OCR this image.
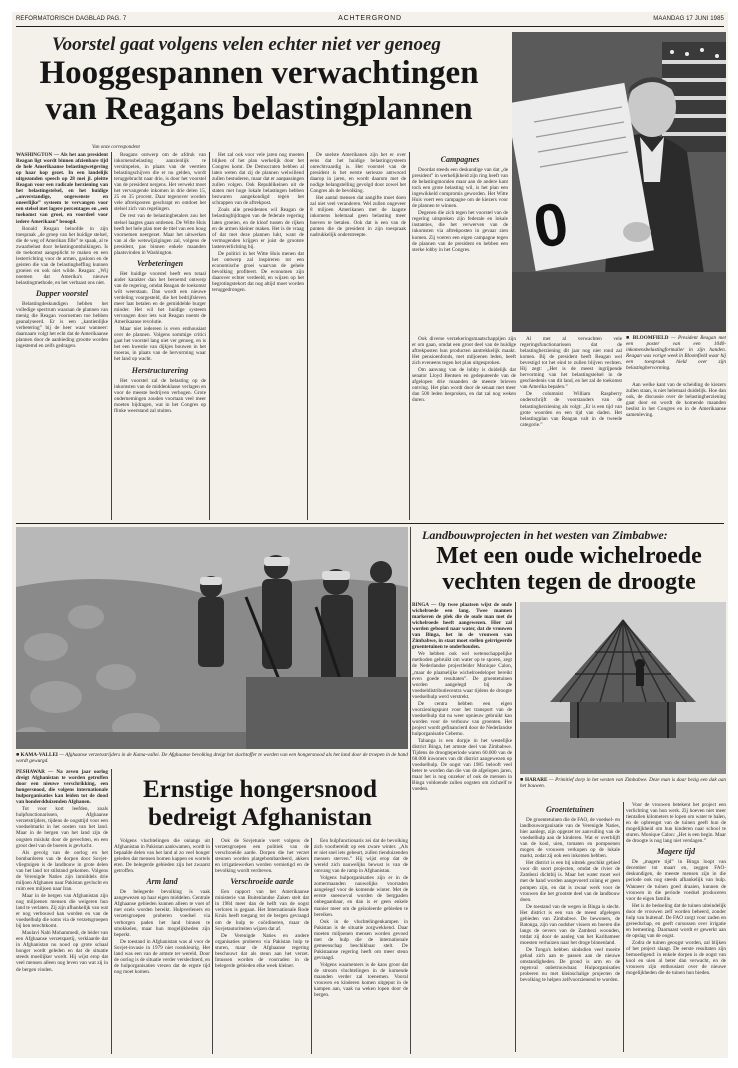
REFORMATORISCH DAGBLAD PAG. 7	ACHTERGROND	MAANDAG 17 JUNI 1985
Voorstel gaat volgens velen echter niet ver genoeg
Hooggespannen verwachtingen
van Reagans belastingplannen
Van onze correspondent
0
■ BLOOMFIELD — President Reagan met een poster van een 1040-inkomensbelastingformulier in zijn handen. Reagan was vorige week in Bloomfield waar hij een toespraak hield over zijn belastinghervorming.

WASHINGTON — Als het aan president Reagan ligt wordt binnen afzienbare tijd de hele Amerikaanse belastingwetgeving op haar kop gezet. In een landelijk uitgezonden speech op 28 mei jl. pleitte Reagan voor een radicale herziening van het belastingstelsel, en het huidige „onverstandige, ongewenste en oneerlijke” systeem te vervangen voor een stelsel met lagere percentages en „een toekomst van groei, en voordeel voor iedere Amerikaan” beoogd.

Ronald Reagan beloofde in zijn toespraak „de groep van het huidige stelsel, die de weg of Amerikan fille” te spaak, al te zwaarbelast door belastingontduikingen. Is de toekomst aangeplicht te maken en een lesterrichting voor de armen, gasloon en de geisten die van de belastingheffing kunnen groeien en ook niet wilde. Reagan: „Wij noemen dat Amerika's nieuwe belastingmethode, en het verbaast ons niet.

Dapper voorstel

Belastingdeskundigen hebben het volledige spectrum waaraan de plannen van menig die Reagan voornemen toe hebben geanalyseerd. Er is een „kantienlijke verbetering” bij de heer waar wanneer: daarnaam volgt het echt dat de Amerikaanse plannen door de aanbieding grootte worden ingestemd en zelfs gedragen.

Reagans ontwerp om de afdruk van inkomensbelasting aanzienlijk te versimpelen, in plaats van de veertien belastingschijven die er nu gelden, wordt teruggebracht naar drie, is door het voorstel van de president nergens. Het verwekt moet het vervangende inkomen in drie delen 15, 25 en 35 procent. Daar tegenover worden vele aftrekposten geschrapt en ontdoet het stelsel zich van regelingen.

De rest van de belastingbetalers zou het stelsel laagtes gaan ontlenen. De Witte Huis heeft het hele plan met de titel van een hoog voornemen neergezet. Maar het uitwerken van al die wetswijzigingen zal, volgens de president, pas binnen enkele maanden plaatsvinden in Washington.

Verbeteringen

Het huidige voorstel heeft een totaal ander karakter dan het beroemd ontwerp van de regering, omdat Reagan de toekomst wilt weerstaan. Dan wordt een nieuwe verdeling voorgesteld, die het bedrijfsleven meer laat betalen en de gemiddelde burger minder. Het wil het huidige systeem vervangen door iets wat Reagan noemt de Amerikaanse revolutie.

Maar niet iedereen is even enthousiast over de plannen. Volgens sommige critici gaat het voorstel lang niet ver genoeg, en is het een kwestie van dijkjes bouwen in het moeras, in plaats van de hervorming waar het land op wacht.

Herstructurering

Het voorstel zal de belasting op de inkomsten van de middenklasse verlagen en voor de meeste bedrijven verhogen. Grote ondernemingen zouden voortaan veel meer moeten bijdragen, wat in het Congres op flinke weerstand zal stuiten.

Het zal ook voor vele jaren nog moeten blijken of het plan werkelijk door het Congres komt. De Democraten hebben al laten weten dat zij de plannen welwillend zullen bestuderen, maar dat er aanpassingen zullen volgen. Ook Republikeinen uit de staten met hoge lokale belastingen hebben bezwaren aangekondigd tegen het schrappen van de aftrekpost.

Zoals alle presidenten wil Reagan de belastingbijdragen van de federale regering laten groeien, en de kloof tussen de rijken en de armen kleiner maken. Het is de vraag of dat met deze plannen lukt, want de vermogenden krijgen er juist de grootste lastenverlichting bij.

De politici in het Witte Huis menen dat het ontwerp zal inspireren tot een economische groei waarvan de gehele bevolking profiteert. De economen zijn daarover echter verdeeld, en wijzen op het begrotingstekort dat nog altijd moet worden teruggedrongen.

De snelste Amerikanen zijn het er over eens dat het huidige belastingsysteem onrechtvaardig is. Het voorstel van de president is het eerste serieuze antwoord daarop in jaren, en wordt daarom met de nodige belangstelling gevolgd door zowel het Congres als de bevolking.

Het aantal mensen dat aangifte moet doen zal niet veel veranderen. Wel zullen ongeveer 8 miljoen Amerikanen met de laagste inkomens helemaal geen belasting meer hoeven te betalen. Ook dat is een van de punten die de president in zijn toespraak nadrukkelijk onderstreepte.

Campagnes

Doordat steeds een deskundige van dat „de president” in werkelijkheid zijn ring heeft van de belastingmoralen maar aan de andere kant toch een grote belasting wil, is het plan een ingewikkeld compromis geworden. Het Witte Huis voert een campagne om de kiezers voor de plannen te winnen.

Degenen die zich tegen het voorstel van de regering uitspreken zijn federale en lokale instanties, die het verwerven van de inkomsten via aftrekposten in gevaar zien komen. Zij voeren een eigen campagne tegen de plannen van de president en hebben een sterke lobby in het Congres.

Ook diverse verzekeringsmaatschappijen zijn er om gaan, omdat een groot deel van de huidige aftrekposten hun producten aantrekkelijk maakt. Het pensioenfonds, met miljoenen leden, heeft zich eveneens tegen het plan uitgesproken.

Om aanvang van de lobby is duidelijk dat senator Lloyd Bentsen en gedeputeerde van de afgelopen drie maanden de meeste brieven ontving. Het plan wordt door de senaat met meer dan 500 leden besproken, en dat zal nog weken duren.

Al met al verwachten vele regeringsfunctionarissen dat de belastingherziening dit jaar nog niet rond zal komen. Bij de president heeft Reagan wel bevestigd tot het eind te zullen blijven vechten. Hij zegt: „Het is de meest ingrijpende hervorming van het belastingstelsel in de geschiedenis van dit land, en het zal de toekomst van Amerika bepalen.”

De columnist William Raspberry onderschrijft de voorstanders van de belastingherziening als volgt: „Er is een tijd van grote woorden en een tijd van daden. Het belastingplan van Reagan valt in de tweede categorie.”

Aan welke kant van de scheiding de kiezers zullen staan, is niet helemaal duidelijk. Hoe dan ook, de discussie over de belastingherziening gaat door en wordt de komende maanden beslist in het Congres en in de Amerikaanse samenleving.

■ KAMA-VALLEI — Afghaanse verzetsstrijders in de Kama-vallei. De Afghaanse bevolking dreigt het slachtoffer te worden van een hongersnood als het land door de troepen in de hand wordt gewurgd.
Landbouwprojecten in het westen van Zimbabwe:
Met een oude wichelroede
vechten tegen de droogte

BINGA — Op twee plaatsen wijst de oude wichelroede een lang. Twee mannen markeren de plek die de oude man met de wichelroede heeft aangewezen. Hier zal worden geboord naar water, dat de vrouwen van Binga, het in de vrouwen van Zimbabwe, in staat moet stellen geirrigeerde groentetuinen te onderhouden.

We hebben ook wel wetenschappelijke methoden gebruikt om water op te sporen, zegt de Nederlandse projectleider Monique Calon, „maar de plaatselijke wichelroedeloper bereikt even goede resultaten”. De groentetuinen worden aangelegd bij de voedseldistributiecentra waar tijdens de droogte voedselhulp werd verstrekt.

De centra hebben een eigen voorzieningspunt voor het transport van de voedselhulp dat nu weer opnieuw gebruikt kan worden voor de verbouw van groenten. Het project wordt gefinancierd door de Nederlandse hulporganisatie Cebemo.

Tabanga is een dorpje in het westelijke district Binga, het armste deel van Zimbabwe. Tijdens de droogteperiode waren 60.000 van de 68.000 inwoners van dit district aangewezen op voedselhulp. De oogst van 1985 belooft veel beter te worden dan die van de afgelopen jaren, maar het is nog onzeker of ook de mensen in Binga voldoende zullen oogsten om zichzelf te voeden.

■ HARARE — Primitief dorp in het westen van Zimbabwe. Deze man is daar bezig een dak aan het bouwen.
Groentetuinen

De groentetuinen die de FAO, de voedsel- en landbouworganisatie van de Verenigde Naties, hier aanlegt, zijn opgezet ter aanvulling van de voedselhulp aan de kinderen. Wat er overblijft van de kool, uien, tomaten en pompoenen mogen de vrouwen verkopen op de lokale markt, zodat zij ook een inkomen hebben.

Het district is een bij uitstek geschikt gebied voor dit soort projecten, omdat de rivier de Zambezi dichtbij is. Maar het water moet wel met de hand worden aangevoerd zolang er geen pompen zijn, en dat is zwaar werk voor de vrouwen die het grootste deel van de landbouw doen.

De toestand van de wegen in Binga is slecht. Het district is een van de meest afgelegen gebieden van Zimbabwe. De bewoners, de Batonga, zijn van oudsher vissers en boeren die langs de oevers van de Zambezi woonden, totdat zij door de aanleg van het Karibameer moesten verhuizen naar het droge binnenland.

De Tonga's hebben sindsdien veel moeite gehad zich aan te passen aan de nieuwe omstandigheden. De grond is arm en de regenval onbetrouwbaar. Hulporganisaties proberen nu met kleinschalige projecten de bevolking te helpen zelfvoorzienend te worden.

Voor de vrouwen betekent het project een verlichting van hun werk. Zij hoeven niet meer tientallen kilometers te lopen om water te halen, en de opbrengst van de tuinen geeft hun de mogelijkheid om hun kinderen naar school te sturen. Monique Calon: „Het is een begin. Maar de droogte is nog lang niet verslagen.”

Magere tijd

De „magere tijd” in Binga loopt van december tot maart en, zeggen FAO-deskundigen, de meeste mensen zijn in die periode ook nog steeds afhankelijk van hulp. Wanneer de tuinen goed draaien, kunnen de vrouwen in die periode voedsel produceren voor de eigen familie.

Het is de bedoeling dat de tuinen uiteindelijk door de vrouwen zelf worden beheerd, zonder hulp van buitenaf. De FAO zorgt voor zaden en gereedschap, en geeft cursussen over irrigatie en bemesting. Daarnaast wordt er gewerkt aan de opslag van de oogst.

Zodra de tuinen geoogst worden, zal blijken of het project slaagt. De eerste resultaten zijn bemoedigend: in enkele dorpen is de oogst van kool en uien al beter dan verwacht, en de vrouwen zijn enthousiast over de nieuwe mogelijkheden die de tuinen hun bieden.

PESHAWAR — Na zeven jaar oorlog dreigt Afghanistan te worden getroffen door een nieuwe verschrikking, een hongersnood, die volgens internationale hulporganisaties kan leiden tot de dood van honderdduizenden Afghanen.

Tot voor kort leefden, zoals hulpfunctionarissen, Afghaanse verzetstrijders, tijdens de oogsttijd voor een voedselmarkt in het oosten van het land. Maar in de bergen van het land zijn de oogsten mislukt door de gevechten, en een groot deel van de boeren is gevlucht.

Als gevolg van de oorlog en het bombarderen van de dorpen door Sovjet-vliegtuigen is de landbouw in grote delen van het land tot stilstand gekomen. Volgens de Verenigde Naties zijn inmiddels drie miljoen Afghanen naar Pakistan gevlucht en ruim een miljoen naar Iran.

Maar in de bergen van Afghanistan zijn nog miljoenen mensen die weigeren hun land te verlaten. Zij zijn afhankelijk van wat er nog verbouwd kan worden en van de voedselhulp die soms via de verzetsgroepen bij hen terechtkomt.

Maulavi Nabi Mohammedi, de leider van een Afghaanse verzetspartij, verklaarde dat in Afghanistan nu nood op grote schaal honger wordt geleden en dat de situatie steeds moeilijker wordt. Hij wijst erop dat veel mensen alleen nog leven van wat zij in de bergen vinden.

Ernstige hongersnood
bedreigt Afghanistan

Volgens vluchtelingen die onlangs uit Afghanistan in Pakistan aankwamen, wordt in bepaalde delen van het land al zo veel honger geleden dat mensen bomen kappen en wortels eten. De belegerde gebieden zijn het zwaarst getroffen.

Arm land

De belegerde bevolking is vaak aangewezen op haar eigen middelen. Centrale Afghaanse gebieden kunnen alleen te voet of met ezels worden bereikt. Hulpverleners en verzetsgroepen proberen voedsel via verborgen paden het land binnen te smokkelen, maar hun mogelijkheden zijn beperkt.

De toestand in Afghanistan was al voor de Sovjet-invasie in 1979 niet rooskleurig. Het land was een van de armste ter wereld. Door de oorlog is de situatie verder verslechterd, en de hulporganisaties vrezen dat de ergste tijd nog moet komen.

Ook de Sovjetunie voert volgens de verzetsgroepen een politiek van de verschroeide aarde. Dorpen die het verzet steunen worden platgebombardeerd, akkers en irrigatiewerken worden vernietigd en de bevolking wordt verdreven.

Verschroeide aarde

Een rapport van het Amerikaanse ministerie van Buitenlandse Zaken stelt dat in 1984 meer dan de helft van de oogst verloren is gegaan. Het Internationale Rode Kruis heeft toegang tot de bergen gevraagd om de hulp te coördineren, maar de Sovjetautoriteiten wijzen dat af.

De Verenigde Naties en andere organisaties proberen via Pakistan hulp te sturen, maar de Afghaanse regering beschouwt dat als steun aan het verzet. Intussen worden de voorraden in de belegerde gebieden elke week kleiner.

Een hulpfunctionaris zei dat de bevolking zich voorbereidt op een zware winter. „Als er niet snel iets gebeurt, zullen tienduizenden mensen sterven.” Hij wijst erop dat de wereld zich nauwelijks bewust is van de omvang van de ramp in Afghanistan.

Volgens hulporganisaties zijn er in de zomermaanden nauwelijks voorraden aangelegd voor de komende winter. Met de eerste sneeuwval worden de bergpaden onbegaanbaar, en dan is er geen enkele manier meer om de geïsoleerde gebieden te bereiken.

Ook in de vluchtelingenkampen in Pakistan is de situatie zorgwekkend. Daar moeten miljoenen mensen worden gevoed met de hulp die de internationale gemeenschap beschikbaar stelt. De Pakistaanse regering heeft om meer steun gevraagd.

Volgens waarnemers is de kans groot dat de stroom vluchtelingen in de komende maanden verder zal toenemen. Vooral vrouwen en kinderen komen uitgeput in de kampen aan, vaak na weken lopen door de bergen.
